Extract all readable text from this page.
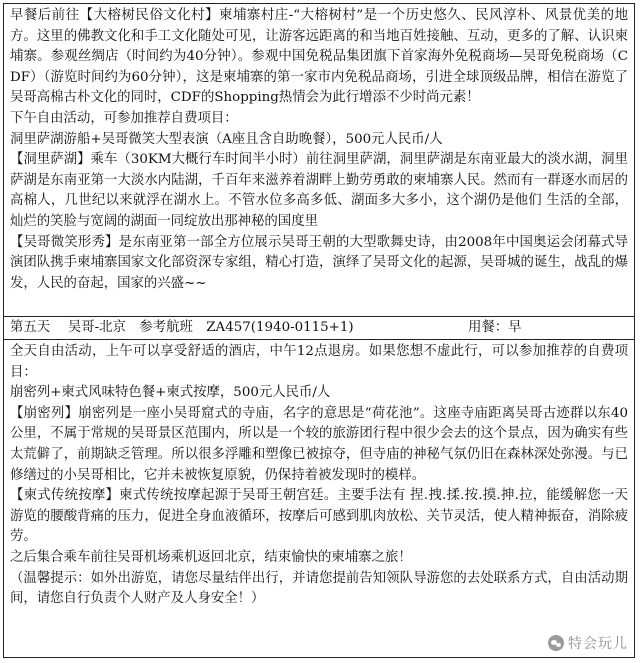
早餐后前往【大榕树民俗文化村】柬埔寨村庄-“大榕树村”是一个历史悠久、民风淳朴、风景优美的地方。这里的佛教文化和手工文化随处可见，让游客远距离的和当地百姓接触、互动，更多的了解、认识柬埔寨。参观丝绸店（时间约为40分钟）。参观中国免税品集团旗下首家海外免税商场—吴哥免税商场（CDF）（游览时间约为60分钟），这是柬埔寨的第一家市内免税品商场，引进全球顶级品牌，相信在游览了吴哥高棉古朴文化的同时，CDF的Shopping热情会为此行增添不少时尚元素！

下午自由活动，可参加推荐自费项目：

洞里萨湖游船+吴哥微笑大型表演（A座且含自助晚餐），500元人民币/人

【洞里萨湖】乘车（30KM大概行车时间半小时）前往洞里萨湖，洞里萨湖是东南亚最大的淡水湖，洞里萨湖是东南亚第一大淡水内陆湖，千百年来滋养着湖畔上勤劳勇敢的柬埔寨人民。然而有一群逐水而居的高棉人，几世纪以来就浮在湖水上。不管水位多高多低、湖面多大多小，这个湖仍是他们 生活的全部，灿烂的笑脸与宽阔的湖面一同绽放出那神秘的国度里

【吴哥微笑形秀】是东南亚第一部全方位展示吴哥王朝的大型歌舞史诗，由2008年中国奥运会闭幕式导演团队携手柬埔寨国家文化部资深专家组，精心打造，演绎了吴哥文化的起源，吴哥城的诞生，战乱的爆发，人民的奋起，国家的兴盛~~

第五天　 吴哥-北京　参考航班　ZA457(1940-0115+1)	用餐：早

全天自由活动，上午可以享受舒适的酒店，中午12点退房。如果您想不虚此行，可以参加推荐的自费项目：

崩密列+柬式风味特色餐+柬式按摩，500元人民币/人

【崩密列】崩密列是一座小吴哥窟式的寺庙，名字的意思是“荷花池”。这座寺庙距离吴哥古迹群以东40公里，不属于常规的吴哥景区范围内，所以是一个较的旅游团行程中很少会去的这个景点，因为确实有些太荒僻了，前期缺乏管理。所以很多浮雕和塑像已被掠夺，但寺庙的神秘气氛仍旧在森林深处弥漫。与已修缮过的小吴哥相比，它并未被恢复原貌，仍保持着被发现时的模样。

【柬式传统按摩】柬式传统按摩起源于吴哥王朝宫廷。主要手法有 捏.拽.揉.按.摸.抻.拉，能缓解您一天游览的腰酸背痛的压力，促进全身血液循环，按摩后可感到肌肉放松、关节灵活，使人精神振奋，消除疲劳。

之后集合乘车前往吴哥机场乘机返回北京，结束愉快的柬埔寨之旅！

（温馨提示：如外出游览，请您尽量结伴出行，并请您提前告知领队导游您的去处联系方式，自由活动期间，请您自行负责个人财产及人身安全！）

特会玩儿
